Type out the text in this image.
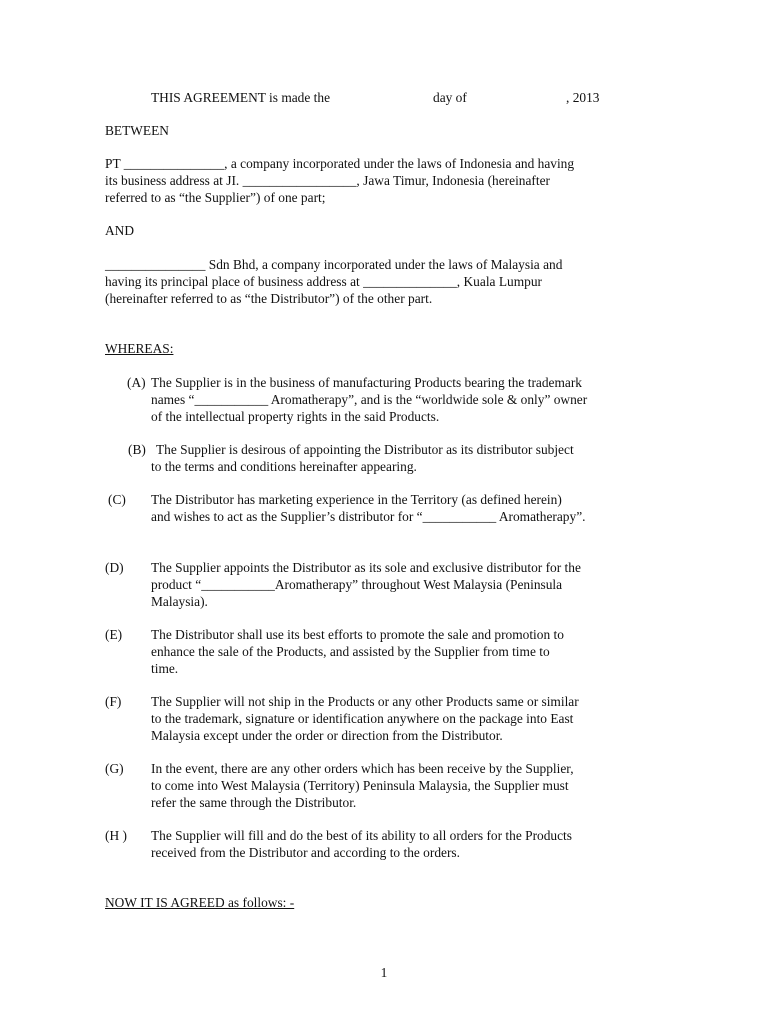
THIS AGREEMENT is made the	day of	, 2013
BETWEEN
PT _______________, a company incorporated under the laws of Indonesia and having
its business address at JI. _________________, Jawa Timur, Indonesia (hereinafter
referred to as “the Supplier”) of one part;
AND
_______________ Sdn Bhd, a company incorporated under the laws of Malaysia and
having its principal place of business address at ______________, Kuala Lumpur
(hereinafter referred to as “the Distributor”) of the other part.
WHEREAS:
(A) The Supplier is in the business of manufacturing Products bearing the trademark
names “___________ Aromatherapy”, and is the “worldwide sole & only” owner
of the intellectual property rights in the said Products.
(B) The Supplier is desirous of appointing the Distributor as its distributor subject
to the terms and conditions hereinafter appearing.
(C) The Distributor has marketing experience in the Territory (as defined herein)
and wishes to act as the Supplier’s distributor for “___________ Aromatherapy”.
(D) The Supplier appoints the Distributor as its sole and exclusive distributor for the
product “___________Aromatherapy” throughout West Malaysia (Peninsula
Malaysia).
(E) The Distributor shall use its best efforts to promote the sale and promotion to
enhance the sale of the Products, and assisted by the Supplier from time to
time.
(F) The Supplier will not ship in the Products or any other Products same or similar
to the trademark, signature or identification anywhere on the package into East
Malaysia except under the order or direction from the Distributor.
(G) In the event, there are any other orders which has been receive by the Supplier,
to come into West Malaysia (Territory) Peninsula Malaysia, the Supplier must
refer the same through the Distributor.
(H ) The Supplier will fill and do the best of its ability to all orders for the Products
received from the Distributor and according to the orders.
NOW IT IS AGREED as follows: -
1
